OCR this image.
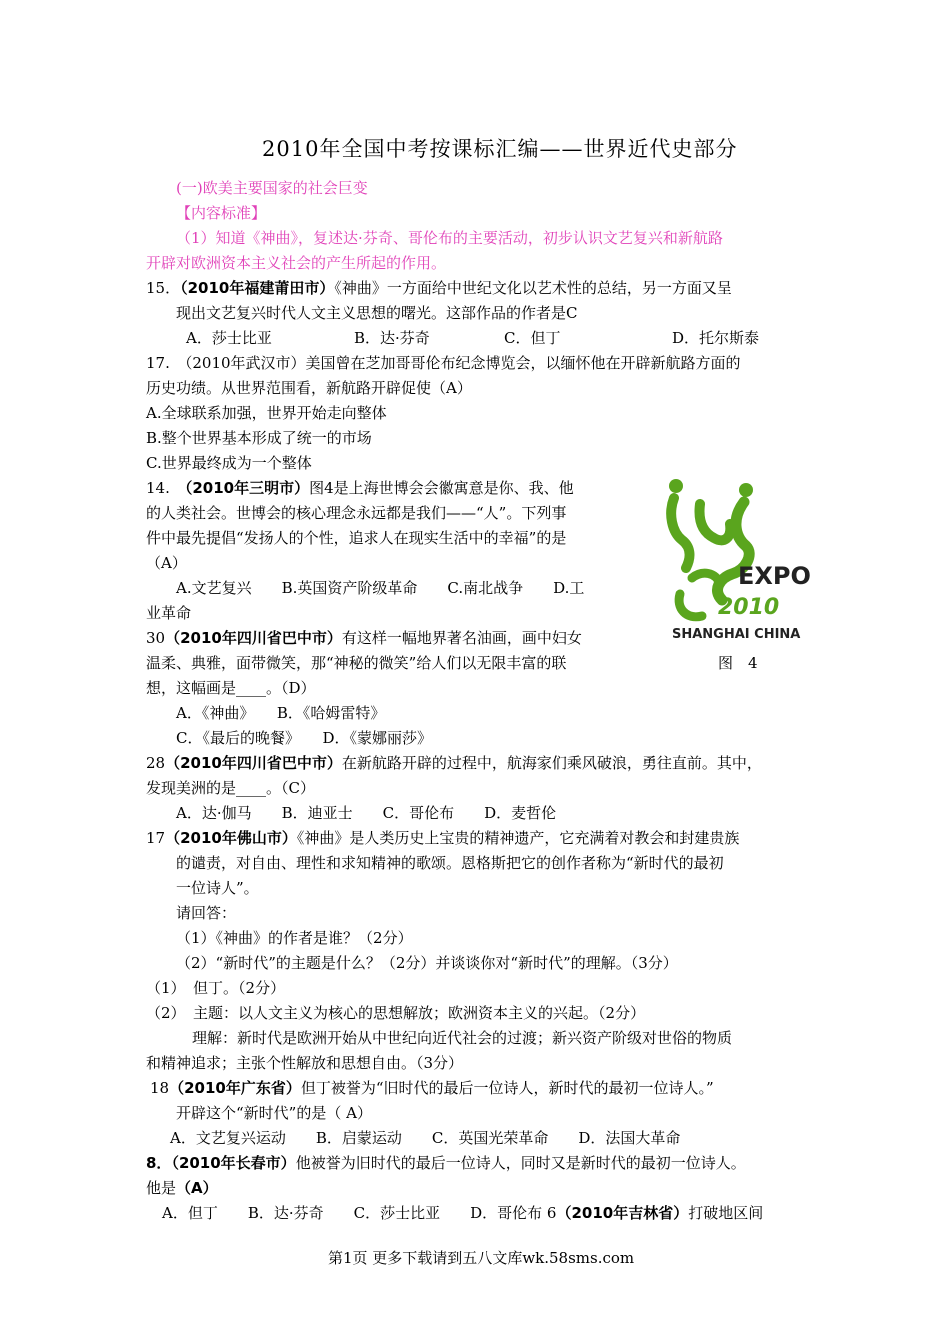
2010年全国中考按课标汇编——世界近代史部分
(一)欧美主要国家的社会巨变
【内容标准】
（1）知道《神曲》，复述达·芬奇、哥伦布的主要活动，初步认识文艺复兴和新航路
开辟对欧洲资本主义社会的产生所起的作用。
15．（2010年福建莆田市）《神曲》一方面给中世纪文化以艺术性的总结，另一方面又呈
现出文艺复兴时代人文主义思想的曙光。这部作品的作者是C
A．莎士比亚	B．达·芬奇	C．但丁	D．托尔斯泰
17.　（2010年武汉市）美国曾在芝加哥哥伦布纪念博览会，以缅怀他在开辟新航路方面的
历史功绩。从世界范围看，新航路开辟促使（A）
A.全球联系加强，世界开始走向整体
B.整个世界基本形成了统一的市场
C.世界最终成为一个整体
14.　（2010年三明市）图4是上海世博会会徽寓意是你、我、他
的人类社会。世博会的核心理念永远都是我们——“人”。下列事
件中最先提倡“发扬人的个性，追求人在现实生活中的幸福”的是
（A）
A.文艺复兴　　B.英国资产阶级革命　　C.南北战争　　D.工
业革命
EXPO
2010
SHANGHAI CHINA
图　4
30（2010年四川省巴中市）有这样一幅地界著名油画，画中妇女
温柔、典雅，面带微笑，那“神秘的微笑”给人们以无限丰富的联
想，这幅画是____。（D）
A．《神曲》　　B．《哈姆雷特》
C．《最后的晚餐》　　D．《蒙娜丽莎》
28（2010年四川省巴中市）在新航路开辟的过程中，航海家们乘风破浪，勇往直前。其中，
发现美洲的是____。（C）
A．达·伽马　　B．迪亚士　　C．哥伦布　　D．麦哲伦
17（2010年佛山市）《神曲》是人类历史上宝贵的精神遗产，它充满着对教会和封建贵族
的谴责，对自由、理性和求知精神的歌颂。恩格斯把它的创作者称为“新时代的最初
一位诗人”。
请回答：
（1）《神曲》的作者是谁？（2分）
（2）“新时代”的主题是什么？（2分）并谈谈你对“新时代”的理解。（3分）
（1）　但丁。（2分）
（2）　主题：以人文主义为核心的思想解放；欧洲资本主义的兴起。（2分）
理解：新时代是欧洲开始从中世纪向近代社会的过渡；新兴资产阶级对世俗的物质
和精神追求；主张个性解放和思想自由。（3分）
18（2010年广东省）但丁被誉为“旧时代的最后一位诗人，新时代的最初一位诗人。”
开辟这个“新时代”的是（ A）
A．文艺复兴运动　　B．启蒙运动　　C．英国光荣革命　　D．法国大革命
8．（2010年长春市）他被誉为旧时代的最后一位诗人，同时又是新时代的最初一位诗人。
他是（A）
A．但丁　　B．达·芬奇　　C．莎士比亚　　D．哥伦布 6（2010年吉林省）打破地区间
第1页 更多下载请到五八文库wk.58sms.com
